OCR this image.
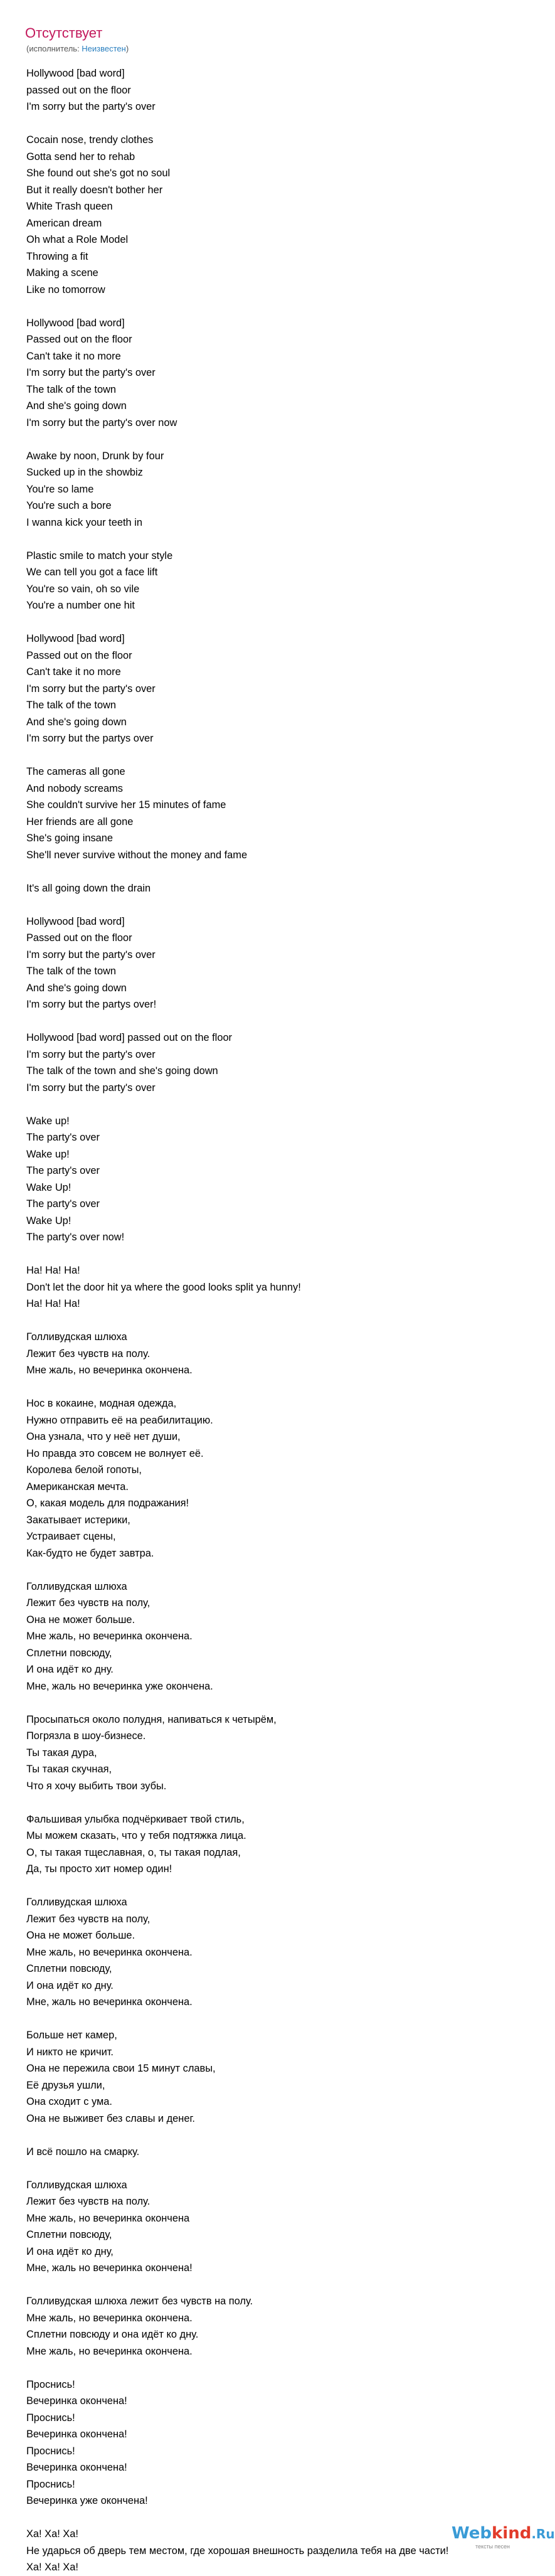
Отсутствует
(исполнитель: Неизвестен)
Hollywood [bad word]
passed out on the floor
I'm sorry but the party's over

Cocain nose, trendy clothes
Gotta send her to rehab
She found out she's got no soul
But it really doesn't bother her
White Trash queen
American dream
Oh what a Role Model
Throwing a fit
Making a scene
Like no tomorrow

Hollywood [bad word]
Passed out on the floor
Can't take it no more
I'm sorry but the party's over
The talk of the town
And she's going down
I'm sorry but the party's over now

Awake by noon, Drunk by four
Sucked up in the showbiz
You're so lame
You're such a bore
I wanna kick your teeth in

Plastic smile to match your style
We can tell you got a face lift
You're so vain, oh so vile
You're a number one hit

Hollywood [bad word]
Passed out on the floor
Can't take it no more
I'm sorry but the party's over
The talk of the town
And she's going down
I'm sorry but the partys over

The cameras all gone
And nobody screams
She couldn't survive her 15 minutes of fame
Her friends are all gone
She's going insane
She'll never survive without the money and fame

It's all going down the drain

Hollywood [bad word]
Passed out on the floor
I'm sorry but the party's over
The talk of the town
And she's going down
I'm sorry but the partys over!

Hollywood [bad word] passed out on the floor
I'm sorry but the party's over
The talk of the town and she's going down
I'm sorry but the party's over

Wake up!
The party's over
Wake up!
The party's over
Wake Up!
The party's over
Wake Up!
The party's over now!

Ha! Ha! Ha!
Don't let the door hit ya where the good looks split ya hunny!
Ha! Ha! Ha!

Голливудская шлюха
Лежит без чувств на полу.
Мне жаль, но вечеринка окончена.

Нос в кокаине, модная одежда,
Нужно отправить её на реабилитацию.
Она узнала, что у неё нет души,
Но правда это совсем не волнует её.
Королева белой гопоты,
Американская мечта.
О, какая модель для подражания!
Закатывает истерики,
Устраивает сцены,
Как-будто не будет завтра.

Голливудская шлюха
Лежит без чувств на полу,
Она не может больше.
Мне жаль, но вечеринка окончена.
Сплетни повсюду,
И она идёт ко дну.
Мне, жаль но вечеринка уже окончена.

Просыпаться около полудня, напиваться к четырём,
Погрязла в шоу-бизнесе.
Ты такая дура,
Ты такая скучная,
Что я хочу выбить твои зубы.

Фальшивая улыбка подчёркивает твой стиль,
Мы можем сказать, что у тебя подтяжка лица.
О, ты такая тщеславная, о, ты такая подлая,
Да, ты просто хит номер один!

Голливудская шлюха
Лежит без чувств на полу,
Она не может больше.
Мне жаль, но вечеринка окончена.
Сплетни повсюду,
И она идёт ко дну.
Мне, жаль но вечеринка окончена.

Больше нет камер,
И никто не кричит.
Она не пережила свои 15 минут славы,
Её друзья ушли,
Она сходит с ума.
Она не выживет без славы и денег.

И всё пошло на смарку.

Голливудская шлюха
Лежит без чувств на полу.
Мне жаль, но вечеринка окончена
Сплетни повсюду,
И она идёт ко дну,
Мне, жаль но вечеринка окончена!

Голливудская шлюха лежит без чувств на полу.
Мне жаль, но вечеринка окончена.
Сплетни повсюду и она идёт ко дну.
Мне жаль, но вечеринка окончена.

Проснись!
Вечеринка окончена!
Проснись!
Вечеринка окончена!
Проснись!
Вечеринка окончена!
Проснись!
Вечеринка уже окончена!

Ха! Ха! Ха!
Не ударься об дверь тем местом, где хорошая внешность разделила тебя на две части!
Ха! Ха! Ха!
Webkind.Ru
тексты песен
